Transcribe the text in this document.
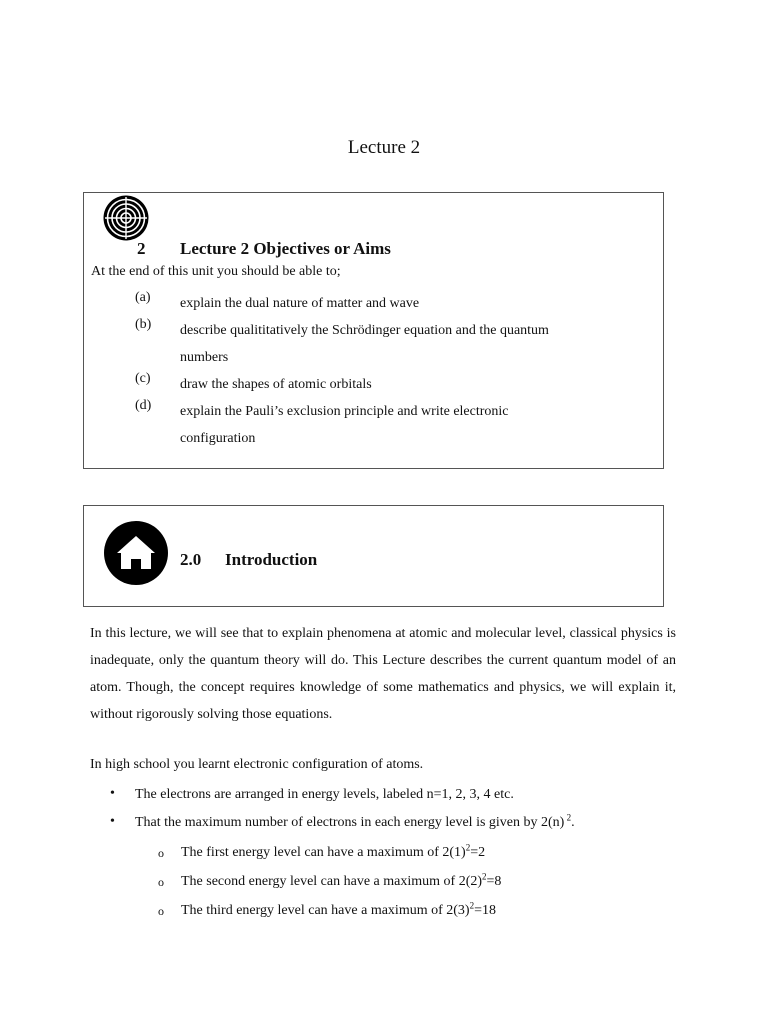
Lecture 2
2 Lecture 2 Objectives or Aims
At the end of this unit you should be able to;
(a) explain the dual nature of matter and wave
(b) describe qualititatively the Schrödinger equation and the quantum numbers
(c) draw the shapes of atomic orbitals
(d) explain the Pauli’s exclusion principle and write electronic configuration
2.0 Introduction
In this lecture, we will see that to explain phenomena at atomic and molecular level, classical physics is inadequate, only the quantum theory will do. This Lecture describes the current quantum model of an atom. Though, the concept requires knowledge of some mathematics and physics, we will explain it, without rigorously solving those equations.
In high school you learnt electronic configuration of atoms.
• The electrons are arranged in energy levels, labeled n=1, 2, 3, 4 etc.
• That the maximum number of electrons in each energy level is given by 2(n) $^2$.
o The first energy level can have a maximum of $2(1)^2=2$
o The second energy level can have a maximum of $2(2)^2=8$
o The third energy level can have a maximum of $2(3)^2=18$
